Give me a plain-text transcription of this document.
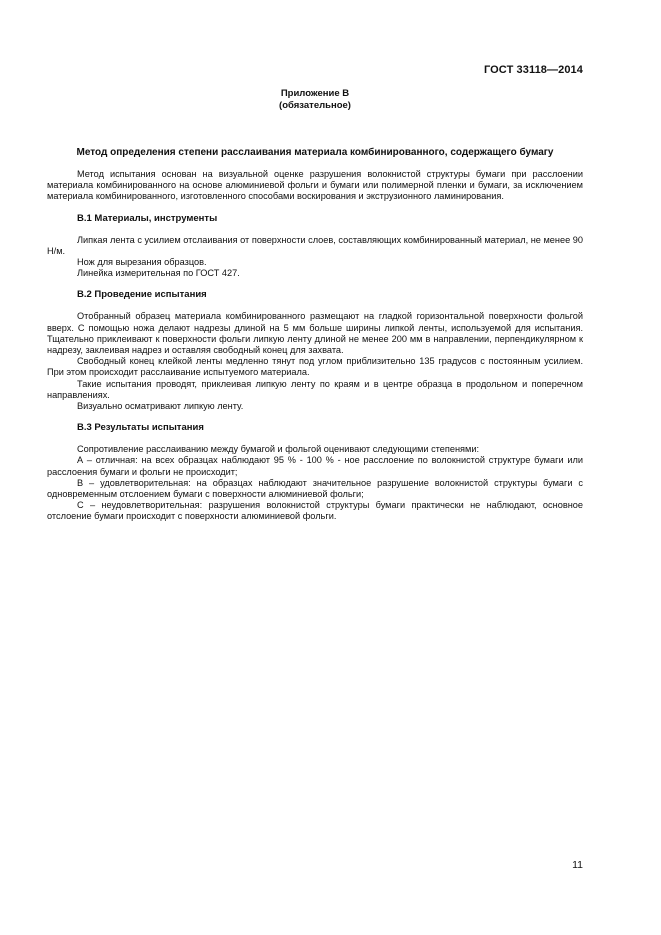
ГОСТ 33118—2014
Приложение В
(обязательное)
Метод определения степени расслаивания материала комбинированного, содержащего бумагу

Метод испытания основан на визуальной оценке разрушения волокнистой структуры бумаги при расслоении материала комбинированного на основе алюминиевой фольги и бумаги или полимерной пленки и бумаги, за исключением материала комбинированного, изготовленного способами воскирования и экструзионного ламинирования.

В.1 Материалы, инструменты

Липкая лента с усилием отслаивания от поверхности слоев, составляющих комбинированный материал, не менее 90 Н/м.

Нож для вырезания образцов.

Линейка измерительная по ГОСТ 427.

В.2 Проведение испытания

Отобранный образец материала комбинированного размещают на гладкой горизонтальной поверхности фольгой вверх. С помощью ножа делают надрезы длиной на 5 мм больше ширины липкой ленты, используемой для испытания. Тщательно приклеивают к поверхности фольги липкую ленту длиной не менее 200 мм в направлении, перпендикулярном к надрезу, заклеивая надрез и оставляя свободный конец для захвата.

Свободный конец клейкой ленты медленно тянут под углом приблизительно 135 градусов с постоянным усилием. При этом происходит расслаивание испытуемого материала.

Такие испытания проводят, приклеивая липкую ленту по краям и в центре образца в продольном и поперечном направлениях.

Визуально осматривают липкую ленту.

В.3 Результаты испытания

Сопротивление расслаиванию между бумагой и фольгой оценивают следующими степенями:

А – отличная: на всех образцах наблюдают 95 % - 100 % - ное расслоение по волокнистой структуре бумаги или расслоения бумаги и фольги не происходит;

В – удовлетворительная: на образцах наблюдают значительное разрушение волокнистой структуры бумаги с одновременным отслоением бумаги с поверхности алюминиевой фольги;

С – неудовлетворительная: разрушения волокнистой структуры бумаги практически не наблюдают, основное отслоение бумаги происходит с поверхности алюминиевой фольги.

11
